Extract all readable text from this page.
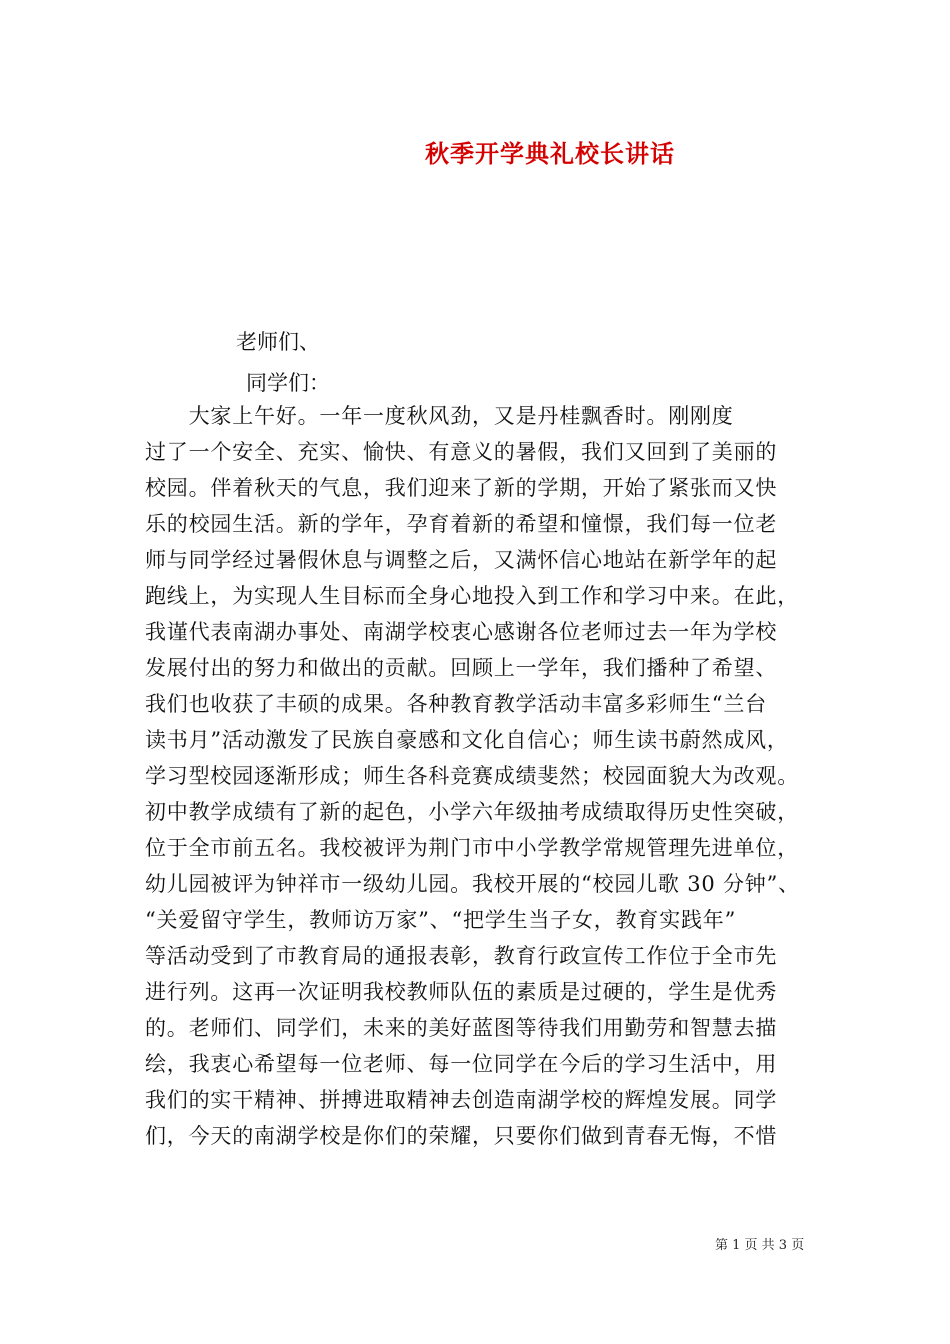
秋季开学典礼校长讲话
老师们、
同学们：
　　大家上午好。一年一度秋风劲，又是丹桂飘香时。刚刚度
过了一个安全、充实、愉快、有意义的暑假，我们又回到了美丽的
校园。伴着秋天的气息，我们迎来了新的学期，开始了紧张而又快
乐的校园生活。新的学年，孕育着新的希望和憧憬，我们每一位老
师与同学经过暑假休息与调整之后，又满怀信心地站在新学年的起
跑线上，为实现人生目标而全身心地投入到工作和学习中来。在此，
我谨代表南湖办事处、南湖学校衷心感谢各位老师过去一年为学校
发展付出的努力和做出的贡献。回顾上一学年，我们播种了希望、
我们也收获了丰硕的成果。各种教育教学活动丰富多彩师生“兰台
读书月”活动激发了民族自豪感和文化自信心；师生读书蔚然成风，
学习型校园逐渐形成；师生各科竞赛成绩斐然；校园面貌大为改观。
初中教学成绩有了新的起色，小学六年级抽考成绩取得历史性突破，
位于全市前五名。我校被评为荆门市中小学教学常规管理先进单位，
幼儿园被评为钟祥市一级幼儿园。我校开展的“校园儿歌 30 分钟”、
“关爱留守学生，教师访万家”、“把学生当子女，教育实践年”
等活动受到了市教育局的通报表彰，教育行政宣传工作位于全市先
进行列。这再一次证明我校教师队伍的素质是过硬的，学生是优秀
的。老师们、同学们，未来的美好蓝图等待我们用勤劳和智慧去描
绘，我衷心希望每一位老师、每一位同学在今后的学习生活中，用
我们的实干精神、拼搏进取精神去创造南湖学校的辉煌发展。同学
们，今天的南湖学校是你们的荣耀，只要你们做到青春无悔，不惜
第 1 页 共 3 页
